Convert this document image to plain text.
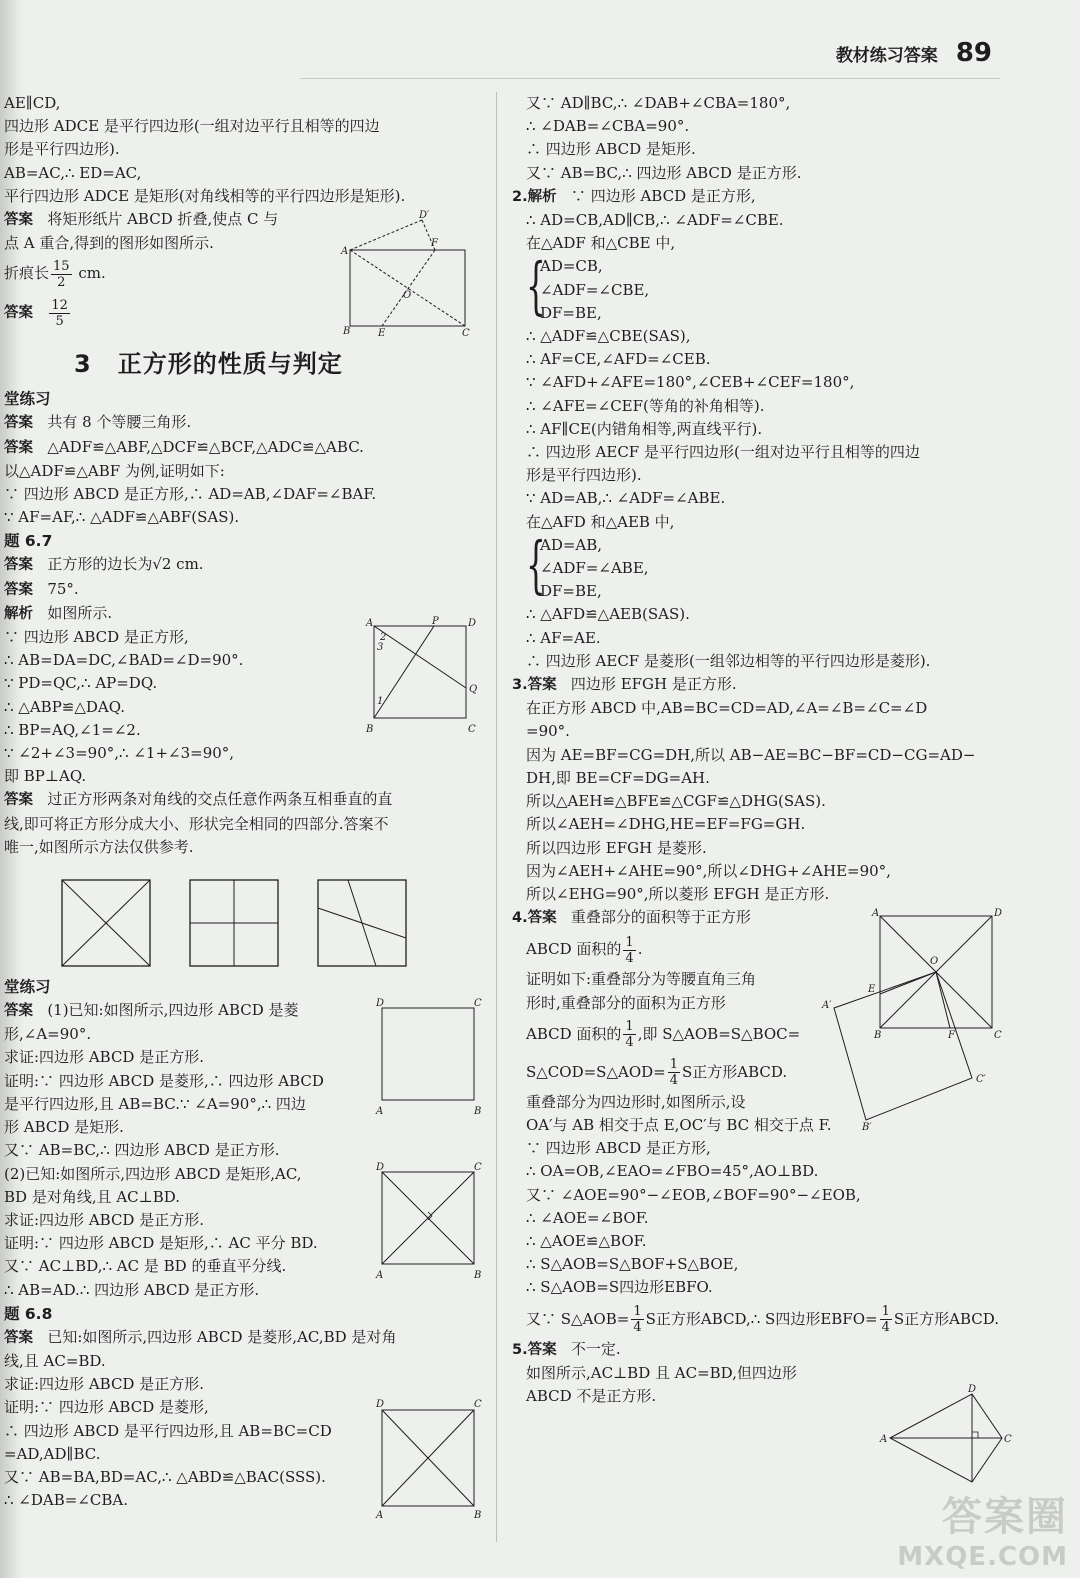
教材练习答案 89
AE∥CD,
四边形 ADCE 是平行四边形(一组对边平行且相等的四边
形是平行四边形).
AB=AC,∴ ED=AC,
平行四边形 ADCE 是矩形(对角线相等的平行四边形是矩形).
答案 将矩形纸片 ABCD 折叠,使点 C 与
点 A 重合,得到的图形如图所示.
折痕长 $\frac{15}{2}$ cm.
答案 $\frac{12}{5}$
3 正方形的性质与判定
堂练习
答案 共有 8 个等腰三角形.
答案 △ADF≌△ABF,△DCF≌△BCF,△ADC≌△ABC.
以△ADF≌△ABF 为例,证明如下:
∵ 四边形 ABCD 是正方形,∴ AD=AB,∠DAF=∠BAF.
∵ AF=AF,∴ △ADF≌△ABF(SAS).
题 6.7
答案 正方形的边长为√2 cm.
答案 75°.
解析 如图所示.
∵ 四边形 ABCD 是正方形,
∴ AB=DA=DC,∠BAD=∠D=90°.
∵ PD=QC,∴ AP=DQ.
∴ △ABP≌△DAQ.
∴ BP=AQ,∠1=∠2.
∵ ∠2+∠3=90°,∴ ∠1+∠3=90°,
即 BP⊥AQ.
答案 过正方形两条对角线的交点任意作两条互相垂直的直
线,即可将正方形分成大小、形状完全相同的四部分.答案不
唯一,如图所示方法仅供参考.
堂练习
答案 (1)已知:如图所示,四边形 ABCD 是菱
形,∠A=90°.
求证:四边形 ABCD 是正方形.
证明:∵ 四边形 ABCD 是菱形,∴ 四边形 ABCD
是平行四边形,且 AB=BC.∵ ∠A=90°,∴ 四边
形 ABCD 是矩形.
又∵ AB=BC,∴ 四边形 ABCD 是正方形.
(2)已知:如图所示,四边形 ABCD 是矩形,AC,
BD 是对角线,且 AC⊥BD.
求证:四边形 ABCD 是正方形.
证明:∵ 四边形 ABCD 是矩形,∴ AC 平分 BD.
又∵ AC⊥BD,∴ AC 是 BD 的垂直平分线.
∴ AB=AD.∴ 四边形 ABCD 是正方形.
题 6.8
答案 已知:如图所示,四边形 ABCD 是菱形,AC,BD 是对角
线,且 AC=BD.
求证:四边形 ABCD 是正方形.
证明:∵ 四边形 ABCD 是菱形,
∴ 四边形 ABCD 是平行四边形,且 AB=BC=CD
=AD,AD∥BC.
又∵ AB=BA,BD=AC,∴ △ABD≌△BAC(SSS).
∴ ∠DAB=∠CBA.
又∵ AD∥BC,∴ ∠DAB+∠CBA=180°,
∴ ∠DAB=∠CBA=90°.
∴ 四边形 ABCD 是矩形.
又∵ AB=BC,∴ 四边形 ABCD 是正方形.
2.解析 ∵ 四边形 ABCD 是正方形,
∴ AD=CB,AD∥CB,∴ ∠ADF=∠CBE.
在△ADF 和△CBE 中,
{
AD=CB,
∠ADF=∠CBE,
DF=BE,
∴ △ADF≌△CBE(SAS),
∴ AF=CE,∠AFD=∠CEB.
∵ ∠AFD+∠AFE=180°,∠CEB+∠CEF=180°,
∴ ∠AFE=∠CEF(等角的补角相等).
∴ AF∥CE(内错角相等,两直线平行).
∴ 四边形 AECF 是平行四边形(一组对边平行且相等的四边
形是平行四边形).
∵ AD=AB,∴ ∠ADF=∠ABE.
在△AFD 和△AEB 中,
{
AD=AB,
∠ADF=∠ABE,
DF=BE,
∴ △AFD≌△AEB(SAS).
∴ AF=AE.
∴ 四边形 AECF 是菱形(一组邻边相等的平行四边形是菱形).
3.答案 四边形 EFGH 是正方形.
在正方形 ABCD 中,AB=BC=CD=AD,∠A=∠B=∠C=∠D
=90°.
因为 AE=BF=CG=DH,所以 AB−AE=BC−BF=CD−CG=AD−
DH,即 BE=CF=DG=AH.
所以△AEH≌△BFE≌△CGF≌△DHG(SAS).
所以∠AEH=∠DHG,HE=EF=FG=GH.
所以四边形 EFGH 是菱形.
因为∠AEH+∠AHE=90°,所以∠DHG+∠AHE=90°,
所以∠EHG=90°,所以菱形 EFGH 是正方形.
4.答案 重叠部分的面积等于正方形
ABCD 面积的 $\frac{1}{4}$ .
证明如下:重叠部分为等腰直角三角
形时,重叠部分的面积为正方形
ABCD 面积的 $\frac{1}{4}$ ,即 S△AOB=S△BOC=
S△COD=S△AOD= $\frac{1}{4}$ S正方形ABCD.
重叠部分为四边形时,如图所示,设
OA′与 AB 相交于点 E,OC′与 BC 相交于点 F.
∵ 四边形 ABCD 是正方形,
∴ OA=OB,∠EAO=∠FBO=45°,AO⊥BD.
又∵ ∠AOE=90°−∠EOB,∠BOF=90°−∠EOB,
∴ ∠AOE=∠BOF.
∴ △AOE≌△BOF.
∴ S△AOB=S△BOF+S△BOE,
∴ S△AOB=S四边形EBFO.
又∵ S△AOB= $\frac{1}{4}$ S正方形ABCD,∴ S四边形EBFO= $\frac{1}{4}$ S正方形ABCD.
5.答案 不一定.
如图所示,AC⊥BD 且 AC=BD,但四边形
ABCD 不是正方形.
D′
A
F
O
B	E	C
A	P	D
2
3
1
Q
B	C
D	C
A	B
D	C
A	B
D	C
A	B
A	D
O
E
A′
B	F	C
C′
B′
D
A	C
答案圈
MXQE.COM
